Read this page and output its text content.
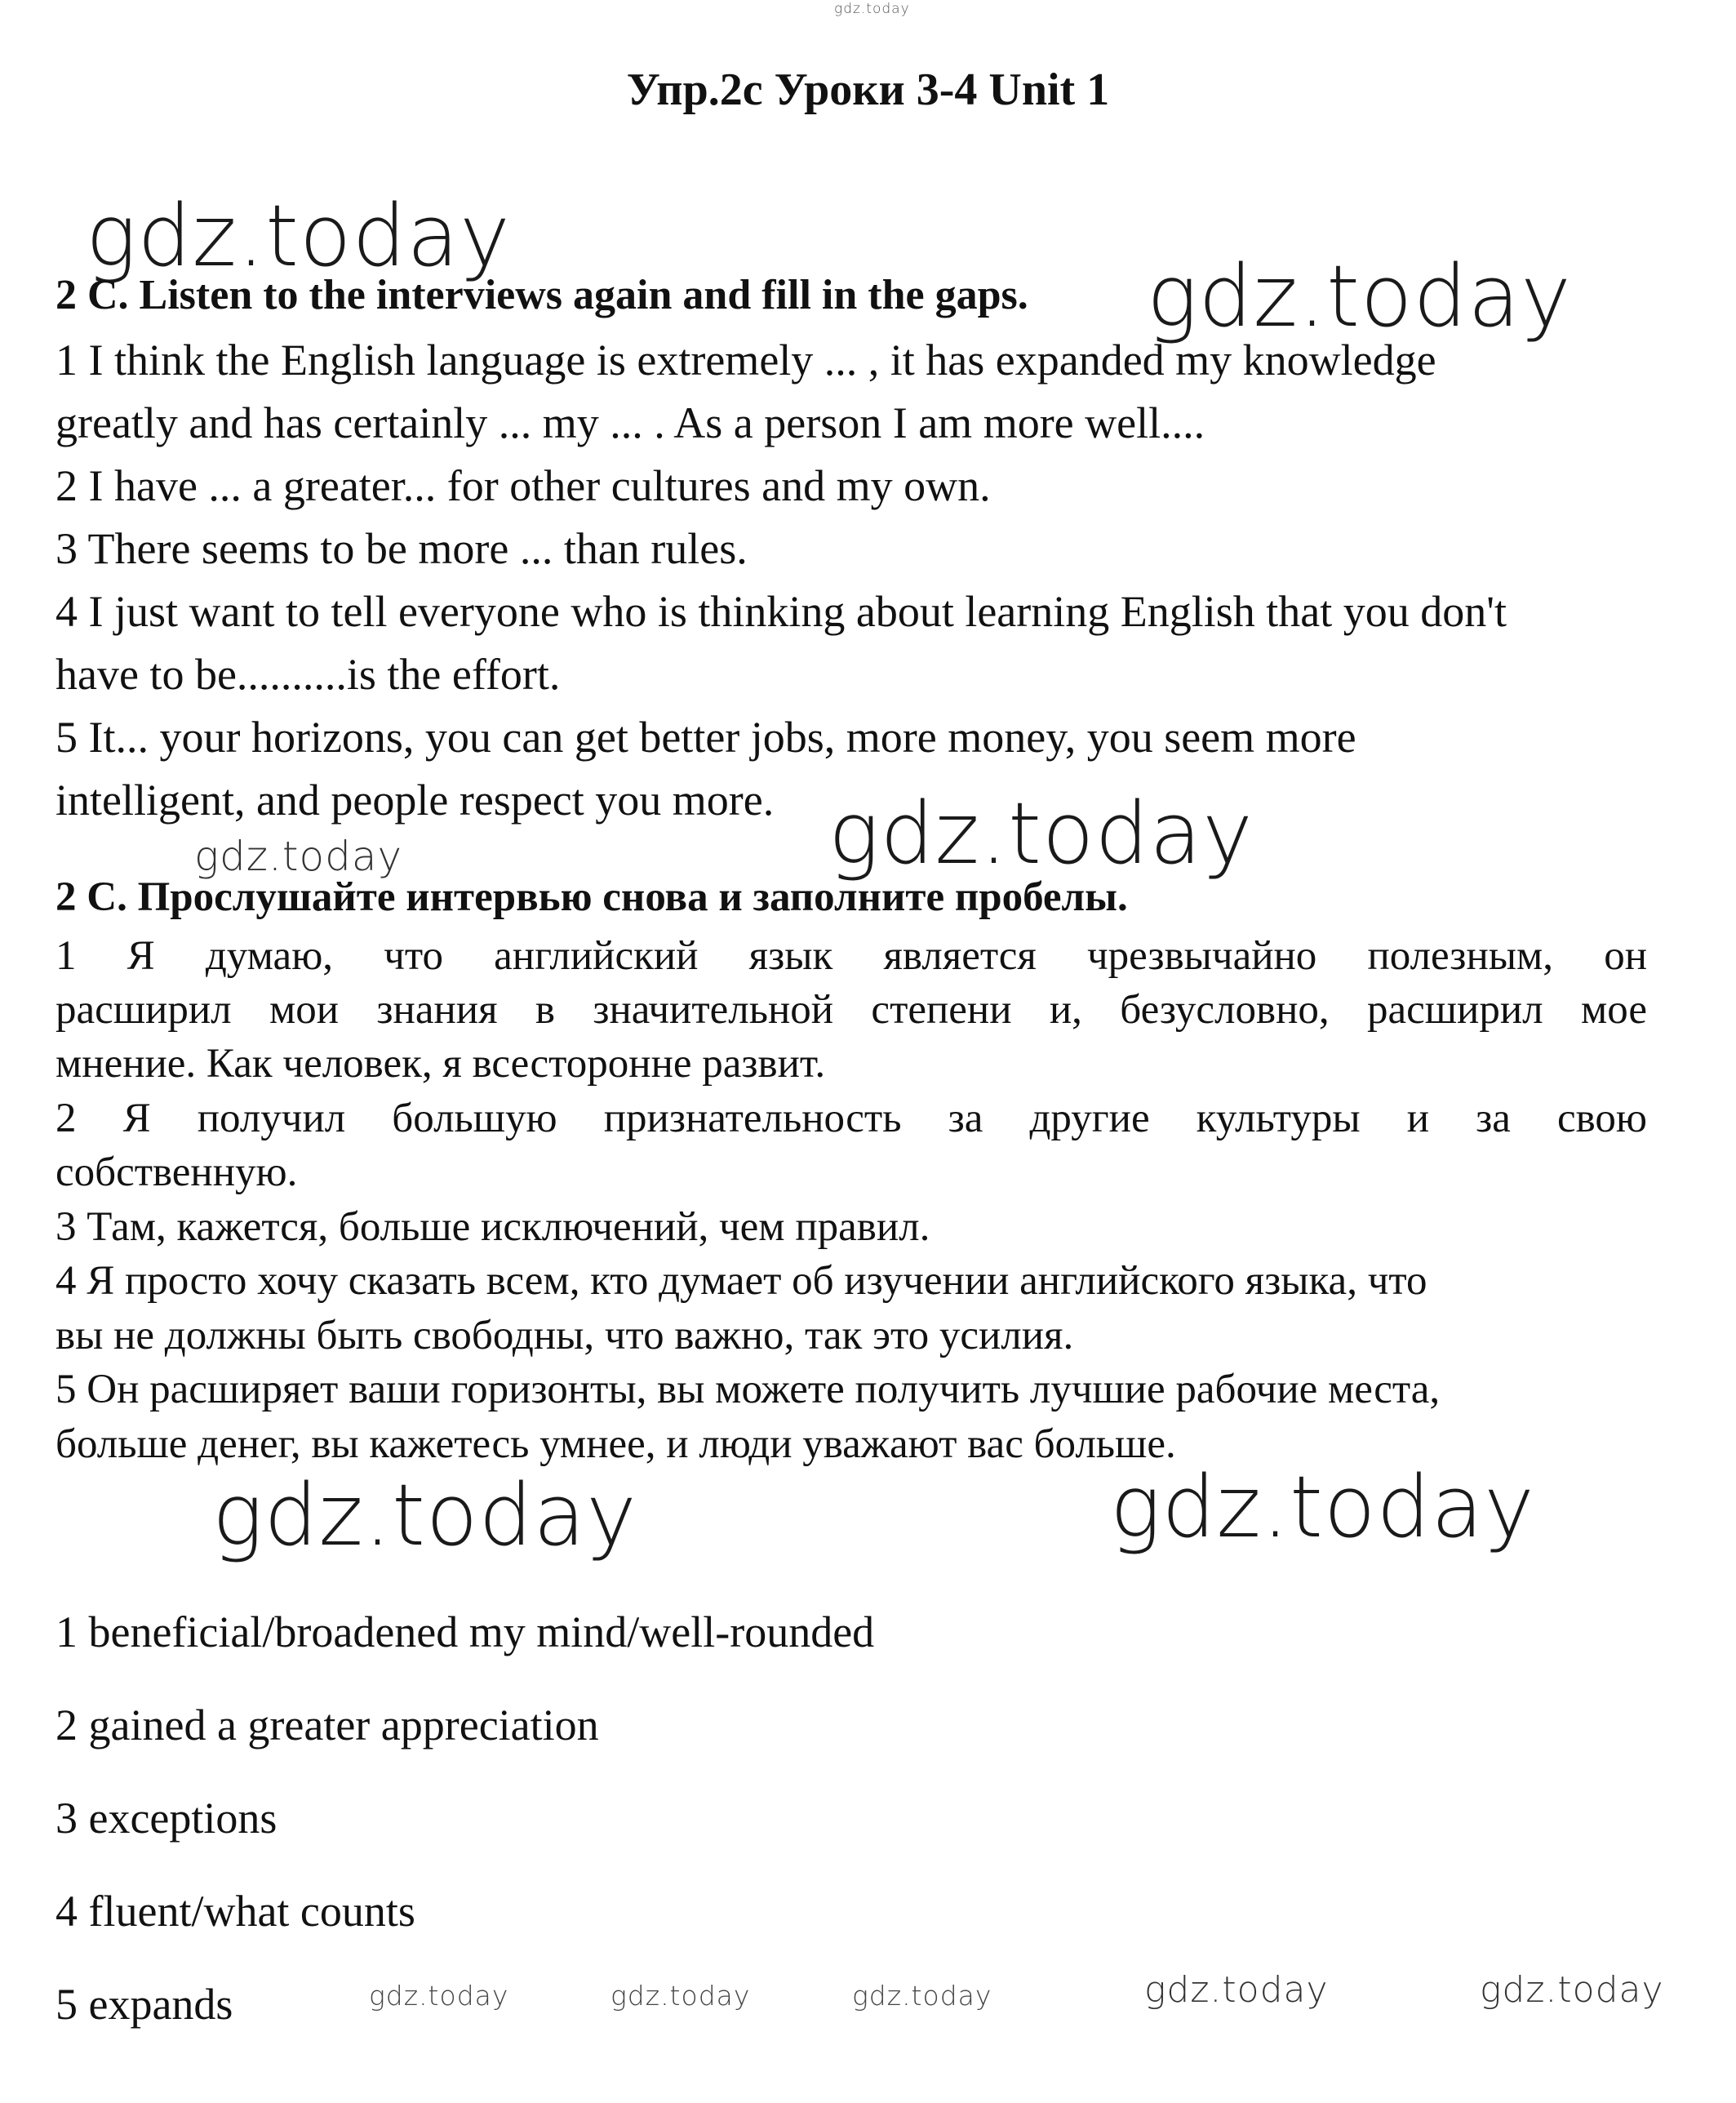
gdz.today
Упр.2c Уроки 3-4 Unit 1
gdz.today
gdz.today
gdz.today
gdz.today
gdz.today	gdz.today
2 C. Listen to the interviews again and fill in the gaps.
1 I think the English language is extremely ... , it has expanded my knowledge
greatly and has certainly ... my ... . As a person I am more well....
2 I have ... a greater... for other cultures and my own.
3 There seems to be more ... than rules.
4 I just want to tell everyone who is thinking about learning English that you don't
have to be..........is the effort.
5 It... your horizons, you can get better jobs, more money, you seem more
intelligent, and people respect you more.
2 C. Прослушайте интервью снова и заполните пробелы.
1 Я думаю, что английский язык является чрезвычайно полезным, он
расширил мои знания в значительной степени и, безусловно, расширил мое
мнение. Как человек, я всесторонне развит.
2 Я получил большую признательность за другие культуры и за свою
собственную.
3 Там, кажется, больше исключений, чем правил.
4 Я просто хочу сказать всем, кто думает об изучении английского языка, что
вы не должны быть свободны, что важно, так это усилия.
5 Он расширяет ваши горизонты, вы можете получить лучшие рабочие места,
больше денег, вы кажетесь умнее, и люди уважают вас больше.
1 beneficial/broadened my mind/well-rounded
2 gained a greater appreciation
3 exceptions
4 fluent/what counts
5 expands	gdz.today	gdz.today	gdz.today	gdz.today	gdz.today
